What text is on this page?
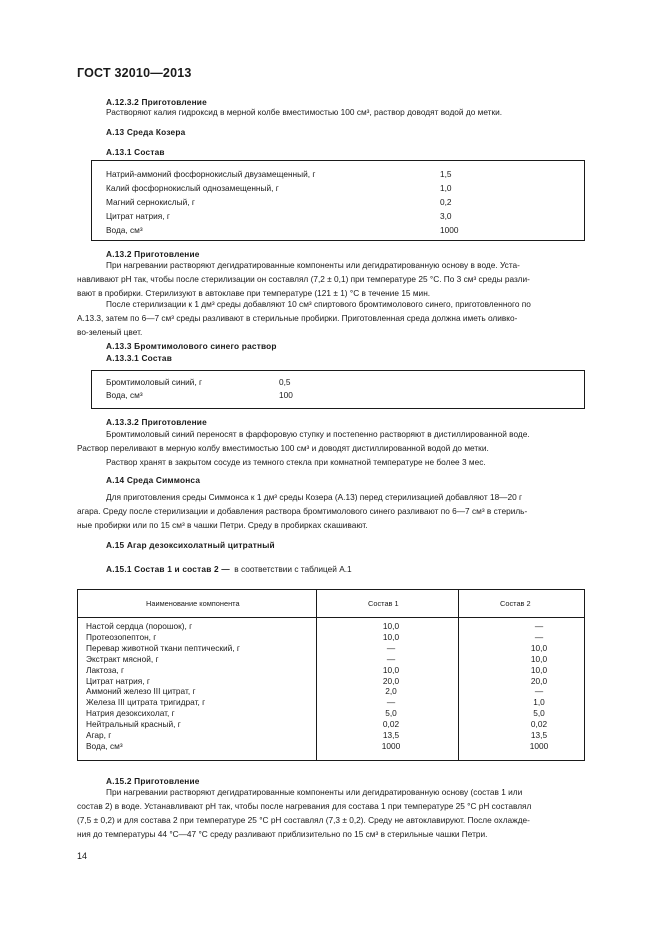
ГОСТ 32010—2013
А.12.3.2 Приготовление
Растворяют калия гидроксид в мерной колбе вместимостью 100 см³, раствор доводят водой до метки.
А.13 Среда Козера
А.13.1 Состав
Натрий-аммоний фосфорнокислый двузамещенный, г	1,5
Калий фосфорнокислый однозамещенный, г	1,0
Магний сернокислый, г	0,2
Цитрат натрия, г	3,0
Вода, см³	1000
А.13.2 Приготовление
При нагревании растворяют дегидратированные компоненты или дегидратированную основу в воде. Уста-
навливают pH так, чтобы после стерилизации он составлял (7,2 ± 0,1) при температуре 25 °С. По 3 см³ среды разли-
вают в пробирки. Стерилизуют в автоклаве при температуре (121 ± 1) °С в течение 15 мин.
После стерилизации к 1 дм³ среды добавляют 10 см³ спиртового бромтимолового синего, приготовленного по
А.13.3, затем по 6—7 см³ среды разливают в стерильные пробирки. Приготовленная среда должна иметь оливко-
во-зеленый цвет.
А.13.3 Бромтимолового синего раствор
А.13.3.1 Состав
Бромтимоловый синий, г	0,5
Вода, см³	100
А.13.3.2 Приготовление
Бромтимоловый синий переносят в фарфоровую ступку и постепенно растворяют в дистиллированной воде.
Раствор переливают в мерную колбу вместимостью 100 см³ и доводят дистиллированной водой до метки.
Раствор хранят в закрытом сосуде из темного стекла при комнатной температуре не более 3 мес.
А.14 Среда Симмонса
Для приготовления среды Симмонса к 1 дм³ среды Козера (А.13) перед стерилизацией добавляют 18—20 г
агара. Среду после стерилизации и добавления раствора бромтимолового синего разливают по 6—7 см³ в стериль-
ные пробирки или по 15 см³ в чашки Петри. Среду в пробирках скашивают.
А.15 Агар дезоксихолатный цитратный
А.15.1 Состав 1 и состав 2 — в соответствии с таблицей А.1
Наименование компонента	Состав 1	Состав 2
Настой сердца (порошок), г	10,0	—
Протеозопептон, г	10,0	—
Перевар животной ткани пептический, г	—	10,0
Экстракт мясной, г	—	10,0
Лактоза, г	10,0	10,0
Цитрат натрия, г	20,0	20,0
Аммоний железо III цитрат, г	2,0	—
Железа III цитрата тригидрат, г	—	1,0
Натрия дезоксихолат, г	5,0	5,0
Нейтральный красный, г	0,02	0,02
Агар, г	13,5	13,5
Вода, см³	1000	1000
А.15.2 Приготовление
При нагревании растворяют дегидратированные компоненты или дегидратированную основу (состав 1 или
состав 2) в воде. Устанавливают pH так, чтобы после нагревания для состава 1 при температуре 25 °С pH составлял
(7,5 ± 0,2) и для состава 2 при температуре 25 °С pH составлял (7,3 ± 0,2). Среду не автоклавируют. После охлажде-
ния до температуры 44 °С—47 °С среду разливают приблизительно по 15 см³ в стерильные чашки Петри.
14
